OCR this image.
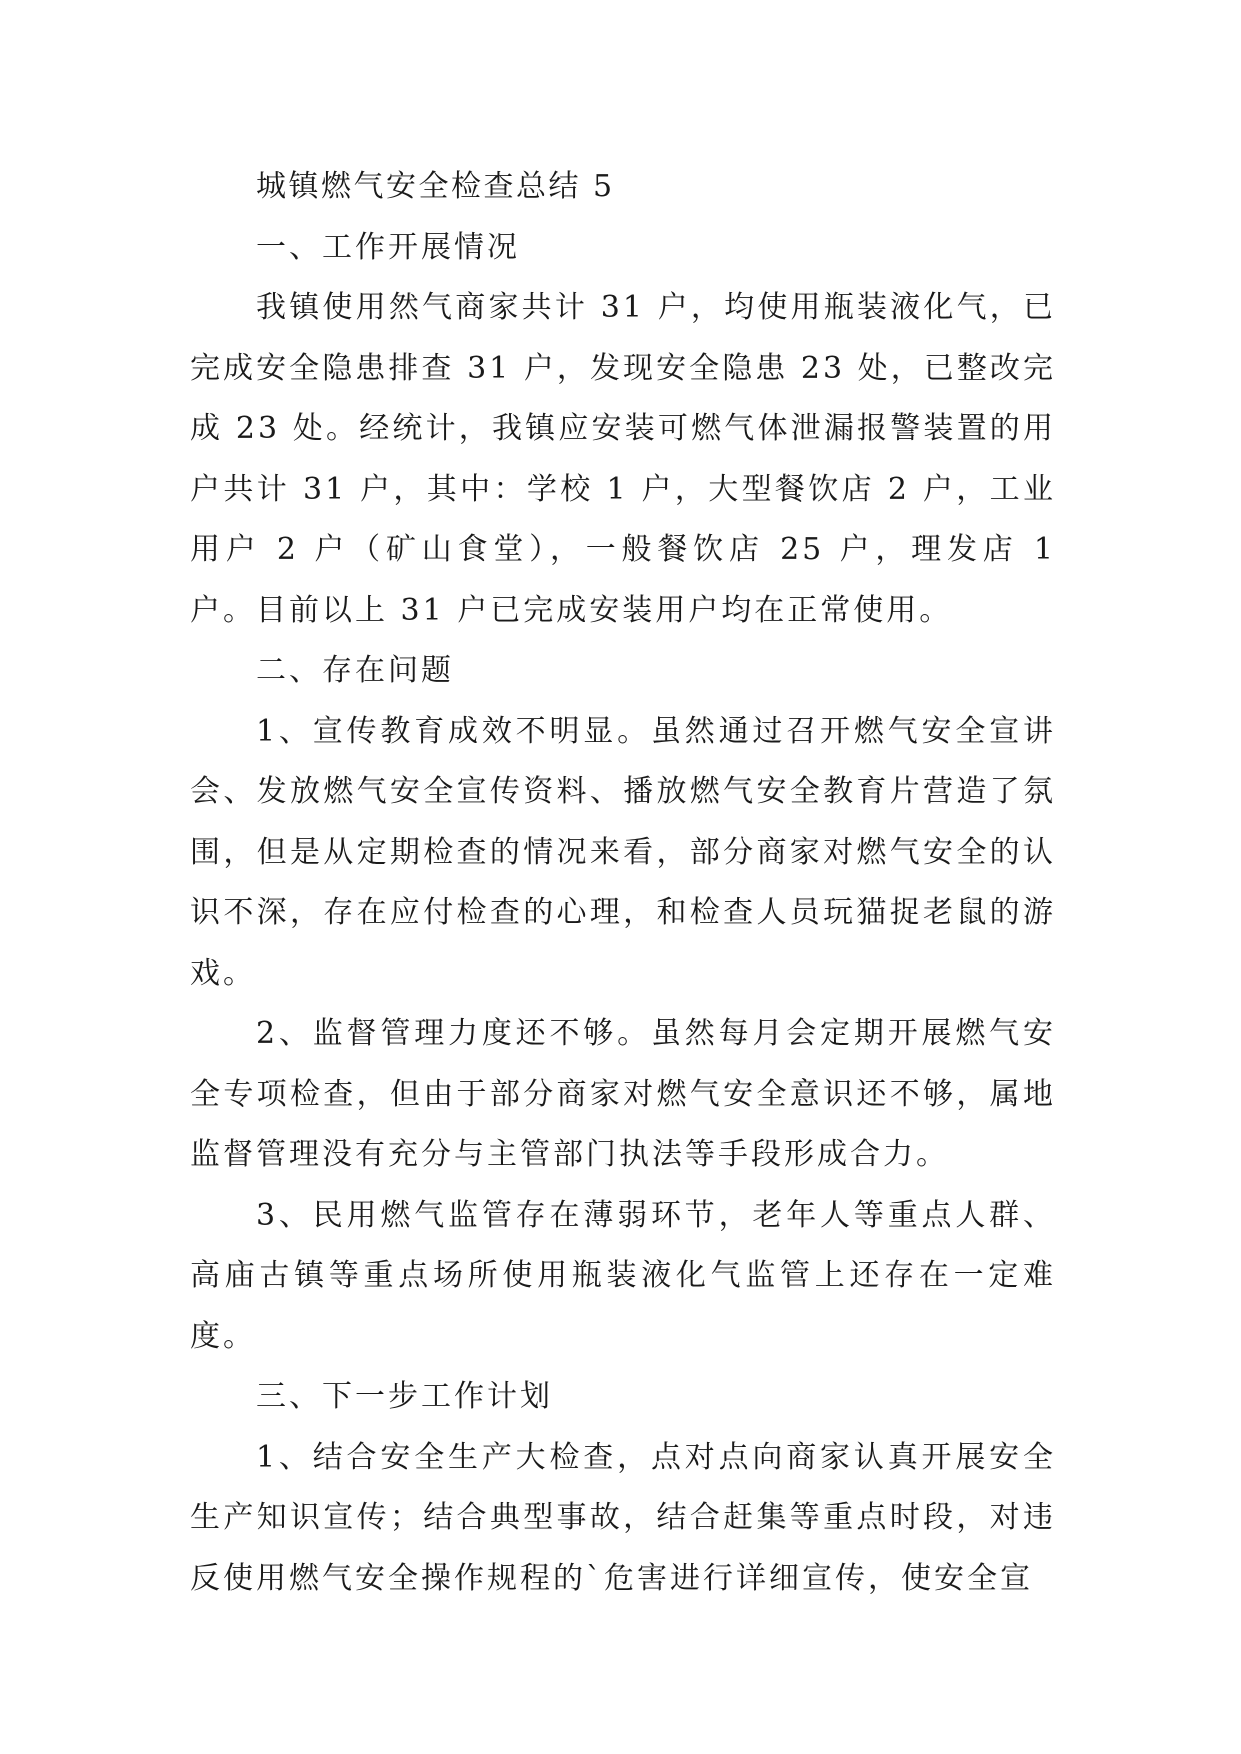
城镇燃气安全检查总结 5

一、工作开展情况

我镇使用然气商家共计 31 户，均使用瓶装液化气，已完成安全隐患排查 31 户，发现安全隐患 23 处，已整改完成 23 处。经统计，我镇应安装可燃气体泄漏报警装置的用户共计 31 户，其中：学校 1 户，大型餐饮店 2 户，工业用户 2 户（矿山食堂），一般餐饮店 25 户，理发店 1 户。目前以上 31 户已完成安装用户均在正常使用。

二、存在问题

1、宣传教育成效不明显。虽然通过召开燃气安全宣讲会、发放燃气安全宣传资料、播放燃气安全教育片营造了氛围，但是从定期检查的情况来看，部分商家对燃气安全的认识不深，存在应付检查的心理，和检查人员玩猫捉老鼠的游戏。

2、监督管理力度还不够。虽然每月会定期开展燃气安全专项检查，但由于部分商家对燃气安全意识还不够，属地监督管理没有充分与主管部门执法等手段形成合力。

3、民用燃气监管存在薄弱环节，老年人等重点人群、高庙古镇等重点场所使用瓶装液化气监管上还存在一定难度。

三、下一步工作计划

1、结合安全生产大检查，点对点向商家认真开展安全生产知识宣传；结合典型事故，结合赶集等重点时段，对违反使用燃气安全操作规程的`危害进行详细宣传，使安全宣
